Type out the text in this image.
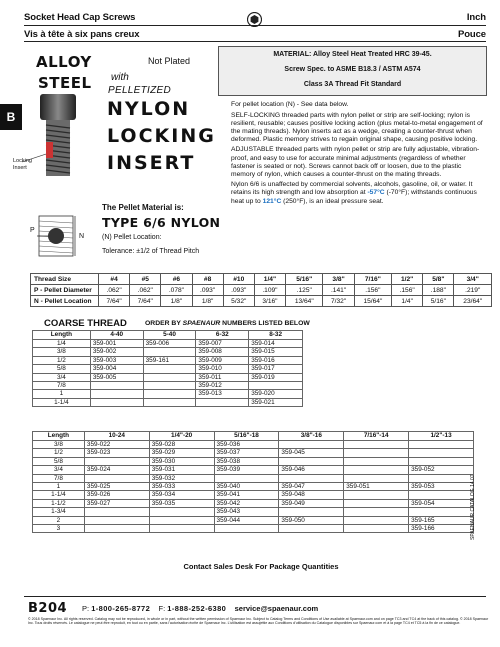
Socket Head Cap Screws
Vis à tête à six pans creux
Inch
Pouce
B
ALLOY
STEEL
Not Plated
with
PELLETIZED
NYLON
LOCKING
INSERT
Locking
Insert
P
N
The Pellet Material is:
TYPE 6/6 NYLON
(N) Pellet Location:
Tolerance: ±1/2 of Thread Pitch
MATERIAL: Alloy Steel Heat Treated HRC 39-45.
Screw Spec. to ASME B18.3 / ASTM A574
Class 3A Thread Fit Standard

For pellet location (N) - See data below.

SELF-LOCKING threaded parts with nylon pellet or strip are self-locking; nylon is resilient, reusable; causes positive locking action (plus metal-to-metal engagement of the mating threads). Nylon inserts act as a wedge, creating a counter-thrust when deformed. Plastic memory strives to regain original shape, causing positive locking.

ADJUSTABLE threaded parts with nylon pellet or strip are fully adjustable, vibration-proof, and easy to use for accurate minimal adjustments (regardless of whether fastener is seated or not). Screws cannot back off or loosen, due to the plastic memory of nylon, which causes a counter-thrust on the mating threads.

Nylon 6/6 is unaffected by commercial solvents, alcohols, gasoline, oil, or water. It retains its high strength and low absorption at -57°C (-70°F); withstands continuous heat up to 121°C (250°F), is an ideal pressure seat.

Thread Size	#4	#5	#6	#8	#10	1/4"	5/16"	3/8"	7/16"	1/2"	5/8"	3/4"
P - Pellet Diameter	.062"	.062"	.078"	.093"	.093"	.109"	.125"	.141"	.156"	.156"	.188"	.219"
N - Pellet Location	7/64"	7/64"	1/8"	1/8"	5/32"	3/16"	13/64"	7/32"	15/64"	1/4"	5/16"	23/64"
COARSE THREAD	ORDER BY SPAENAUR NUMBERS LISTED BELOW
Length	4-40	5-40	6-32	8-32
1/4	359-001	359-006	359-007	359-014
3/8	359-002		359-008	359-015
1/2	359-003	359-161	359-009	359-016
5/8	359-004		359-010	359-017
3/4	359-005		359-011	359-019
7/8			359-012	
1			359-013	359-020
1-1/4				359-021
Length	10-24	1/4"-20	5/16"-18	3/8"-16	7/16"-14	1/2"-13
3/8	359-022	359-028	359-036			
1/2	359-023	359-029	359-037	359-045		
5/8		359-030	359-038			
3/4	359-024	359-031	359-039	359-046		359-052
7/8		359-032				
1	359-025	359-033	359-040	359-047	359-051	359-053
1-1/4	359-026	359-034	359-041	359-048		
1-1/2	359-027	359-035	359-042	359-049		359-054
1-3/4			359-043			
2			359-044	359-050		359-165
3						359-166
Contact Sales Desk For Package Quantities
SPAENAUR CATALOG 14.07
B204 P: 1-800-265-8772 F: 1-888-252-6380 service@spaenaur.com
© 2018 Spaenaur Inc. All rights reserved. Catalog may not be reproduced, in whole or in part, without the written permission of Spaenaur Inc. Subject to Catalog Terms and Conditions of Use available at Spaenaur.com and on page TC3 and TC4 at the back of this catalog. © 2018 Spaenaur Inc. Tous droits réservés. Le catalogue ne peut être reproduit, en tout ou en partie, sans l'autorisation écrite de Spaenaur Inc. L'utilisation est assujettie aux Conditions d'utilisation du Catalogue disponibles sur Spaenaur.com et à la page TC4 et TC5 à la fin de ce catalogue.
